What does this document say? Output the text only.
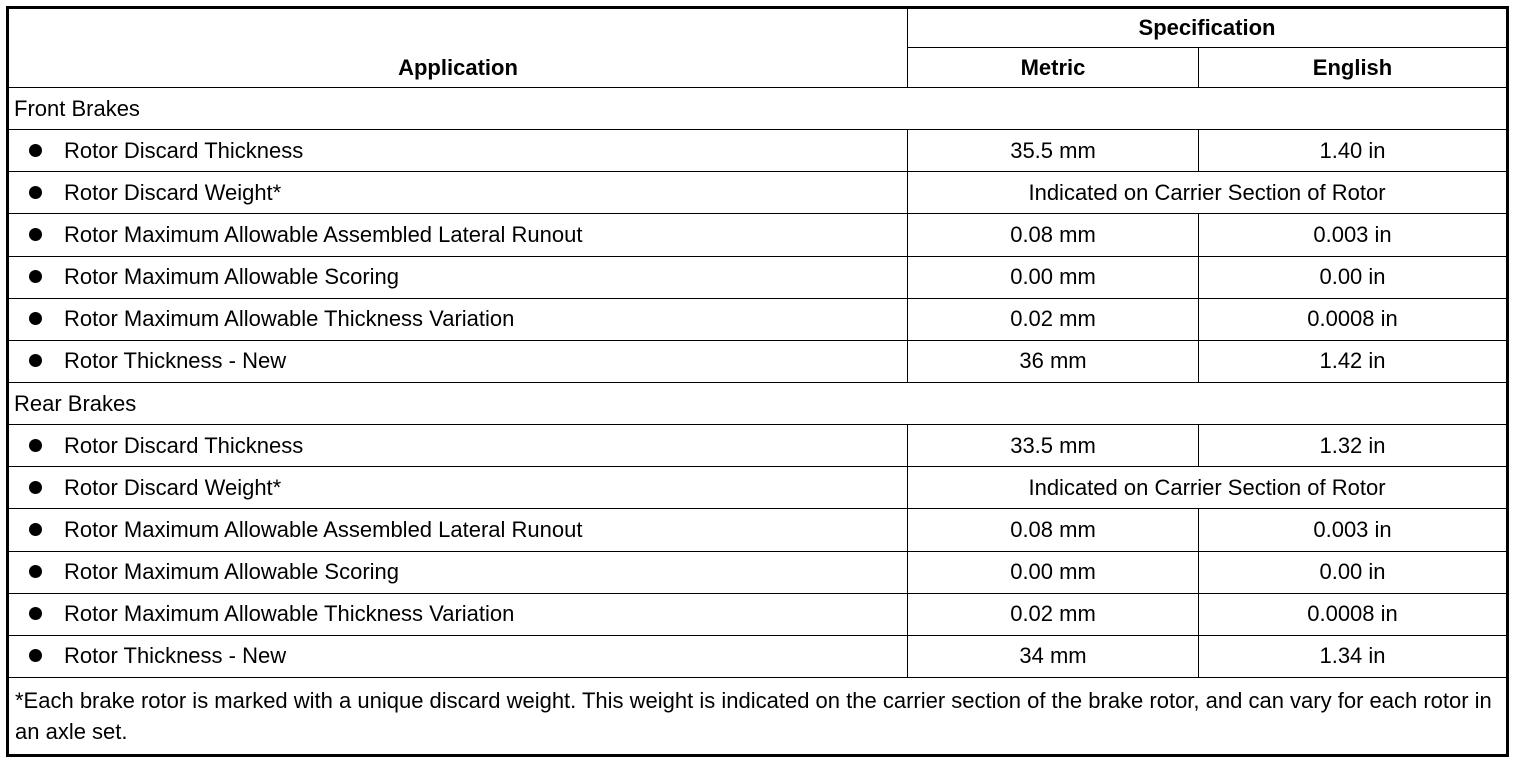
Application	Specification	
	Metric	English
Front Brakes		
Rotor Discard Thickness	35.5 mm	1.40 in
Rotor Discard Weight*	Indicated on Carrier Section of Rotor	
Rotor Maximum Allowable Assembled Lateral Runout	0.08 mm	0.003 in
Rotor Maximum Allowable Scoring	0.00 mm	0.00 in
Rotor Maximum Allowable Thickness Variation	0.02 mm	0.0008 in
Rotor Thickness - New	36 mm	1.42 in
Rear Brakes		
Rotor Discard Thickness	33.5 mm	1.32 in
Rotor Discard Weight*	Indicated on Carrier Section of Rotor	
Rotor Maximum Allowable Assembled Lateral Runout	0.08 mm	0.003 in
Rotor Maximum Allowable Scoring	0.00 mm	0.00 in
Rotor Maximum Allowable Thickness Variation	0.02 mm	0.0008 in
Rotor Thickness - New	34 mm	1.34 in
*Each brake rotor is marked with a unique discard weight. This weight is indicated on the carrier section of the brake rotor, and can vary for each rotor in an axle set.		
